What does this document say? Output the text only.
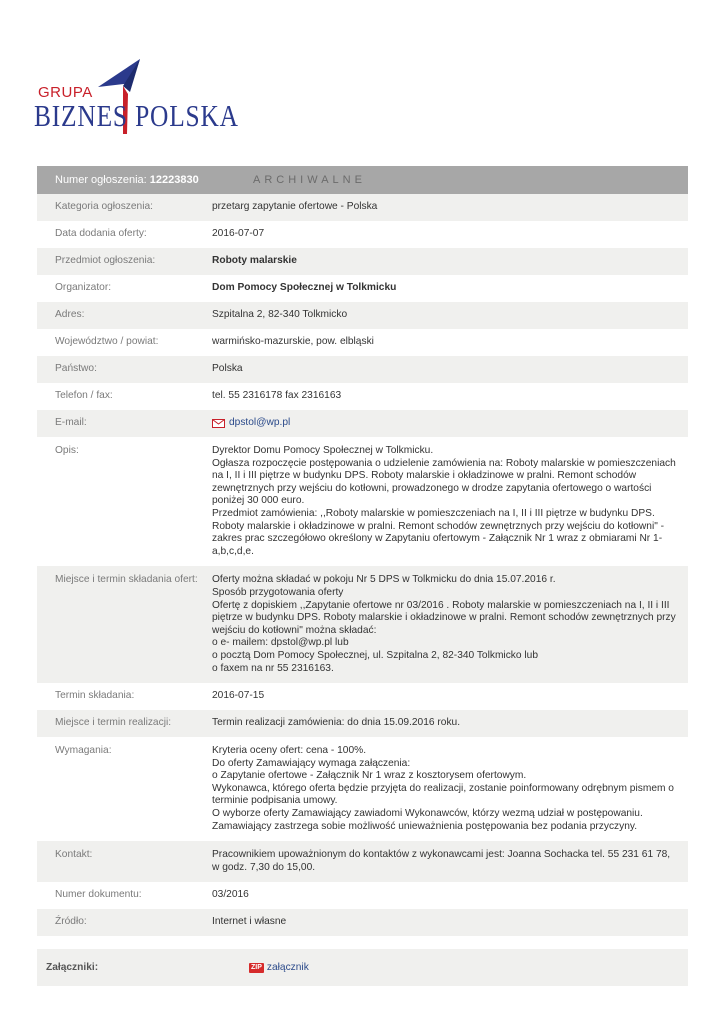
GRUPA
BIZNES POLSKA
Numer ogłoszenia: 12223830	ARCHIWALNE
Kategoria ogłoszenia:	przetarg zapytanie ofertowe - Polska
Data dodania oferty:	2016-07-07
Przedmiot ogłoszenia:	Roboty malarskie
Organizator:	Dom Pomocy Społecznej w Tolkmicku
Adres:	Szpitalna 2, 82-340 Tolkmicko
Województwo / powiat:	warmińsko-mazurskie, pow. elbląski
Państwo:	Polska
Telefon / fax:	tel. 55 2316178 fax 2316163
E-mail:	dpstol@wp.pl
Opis:	Dyrektor Domu Pomocy Społecznej w Tolkmicku.
Ogłasza rozpoczęcie postępowania o udzielenie zamówienia na: Roboty malarskie w pomieszczeniach na I, II i III piętrze w budynku DPS. Roboty malarskie i okładzinowe w pralni. Remont schodów zewnętrznych przy wejściu do kotłowni, prowadzonego w drodze zapytania ofertowego o wartości poniżej 30 000 euro.
Przedmiot zamówienia: ,,Roboty malarskie w pomieszczeniach na I, II i III piętrze w budynku DPS. Roboty malarskie i okładzinowe w pralni. Remont schodów zewnętrznych przy wejściu do kotłowni" - zakres prac szczegółowo określony w Zapytaniu ofertowym - Załącznik Nr 1 wraz z obmiarami Nr 1- a,b,c,d,e.
Miejsce i termin składania ofert:	Oferty można składać w pokoju Nr 5 DPS w Tolkmicku do dnia 15.07.2016 r.
Sposób przygotowania oferty
Ofertę z dopiskiem ,,Zapytanie ofertowe nr 03/2016 . Roboty malarskie w pomieszczeniach na I, II i III piętrze w budynku DPS. Roboty malarskie i okładzinowe w pralni. Remont schodów zewnętrznych przy wejściu do kotłowni" można składać:
o e- mailem: dpstol@wp.pl lub
o pocztą Dom Pomocy Społecznej, ul. Szpitalna 2, 82-340 Tolkmicko lub
o faxem na nr 55 2316163.
Termin składania:	2016-07-15
Miejsce i termin realizacji:	Termin realizacji zamówienia: do dnia 15.09.2016 roku.
Wymagania:	Kryteria oceny ofert: cena - 100%.
Do oferty Zamawiający wymaga załączenia:
o Zapytanie ofertowe - Załącznik Nr 1 wraz z kosztorysem ofertowym.
Wykonawca, którego oferta będzie przyjęta do realizacji, zostanie poinformowany odrębnym pismem o terminie podpisania umowy.
O wyborze oferty Zamawiający zawiadomi Wykonawców, którzy wezmą udział w postępowaniu.
Zamawiający zastrzega sobie możliwość unieważnienia postępowania bez podania przyczyny.
Kontakt:	Pracownikiem upoważnionym do kontaktów z wykonawcami jest: Joanna Sochacka tel. 55 231 61 78, w godz. 7,30 do 15,00.
Numer dokumentu:	03/2016
Źródło:	Internet i własne
Załączniki:	ZIP załącznik
